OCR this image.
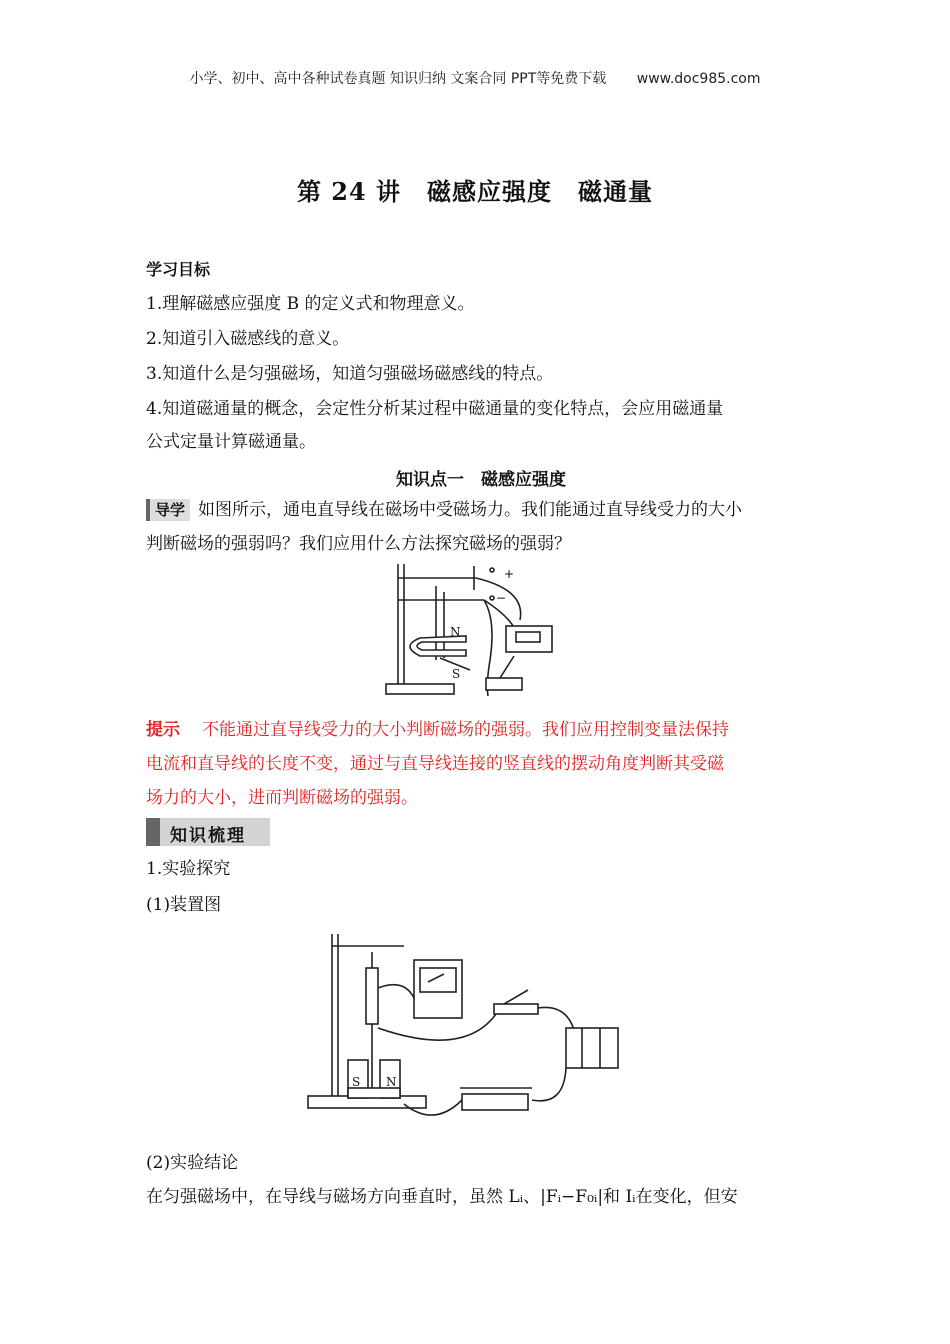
小学、初中、高中各种试卷真题 知识归纳 文案合同 PPT等免费下载 www.doc985.com
第 24 讲 磁感应强度 磁通量
学习目标
1.理解磁感应强度 B 的定义式和物理意义。
2.知道引入磁感线的意义。
3.知道什么是匀强磁场，知道匀强磁场磁感线的特点。
4.知道磁通量的概念，会定性分析某过程中磁通量的变化特点，会应用磁通量
公式定量计算磁通量。
知识点一　磁感应强度
导学 如图所示，通电直导线在磁场中受磁场力。我们能通过直导线受力的大小
判断磁场的强弱吗？我们应用什么方法探究磁场的强弱？
+
−
N
S
提示 不能通过直导线受力的大小判断磁场的强弱。我们应用控制变量法保持
电流和直导线的长度不变，通过与直导线连接的竖直线的摆动角度判断其受磁
场力的大小，进而判断磁场的强弱。
知识梳理
1.实验探究
(1)装置图
S N
(2)实验结论
在匀强磁场中，在导线与磁场方向垂直时，虽然 Lᵢ、|Fᵢ−F₀ᵢ|和 Iᵢ在变化，但安
